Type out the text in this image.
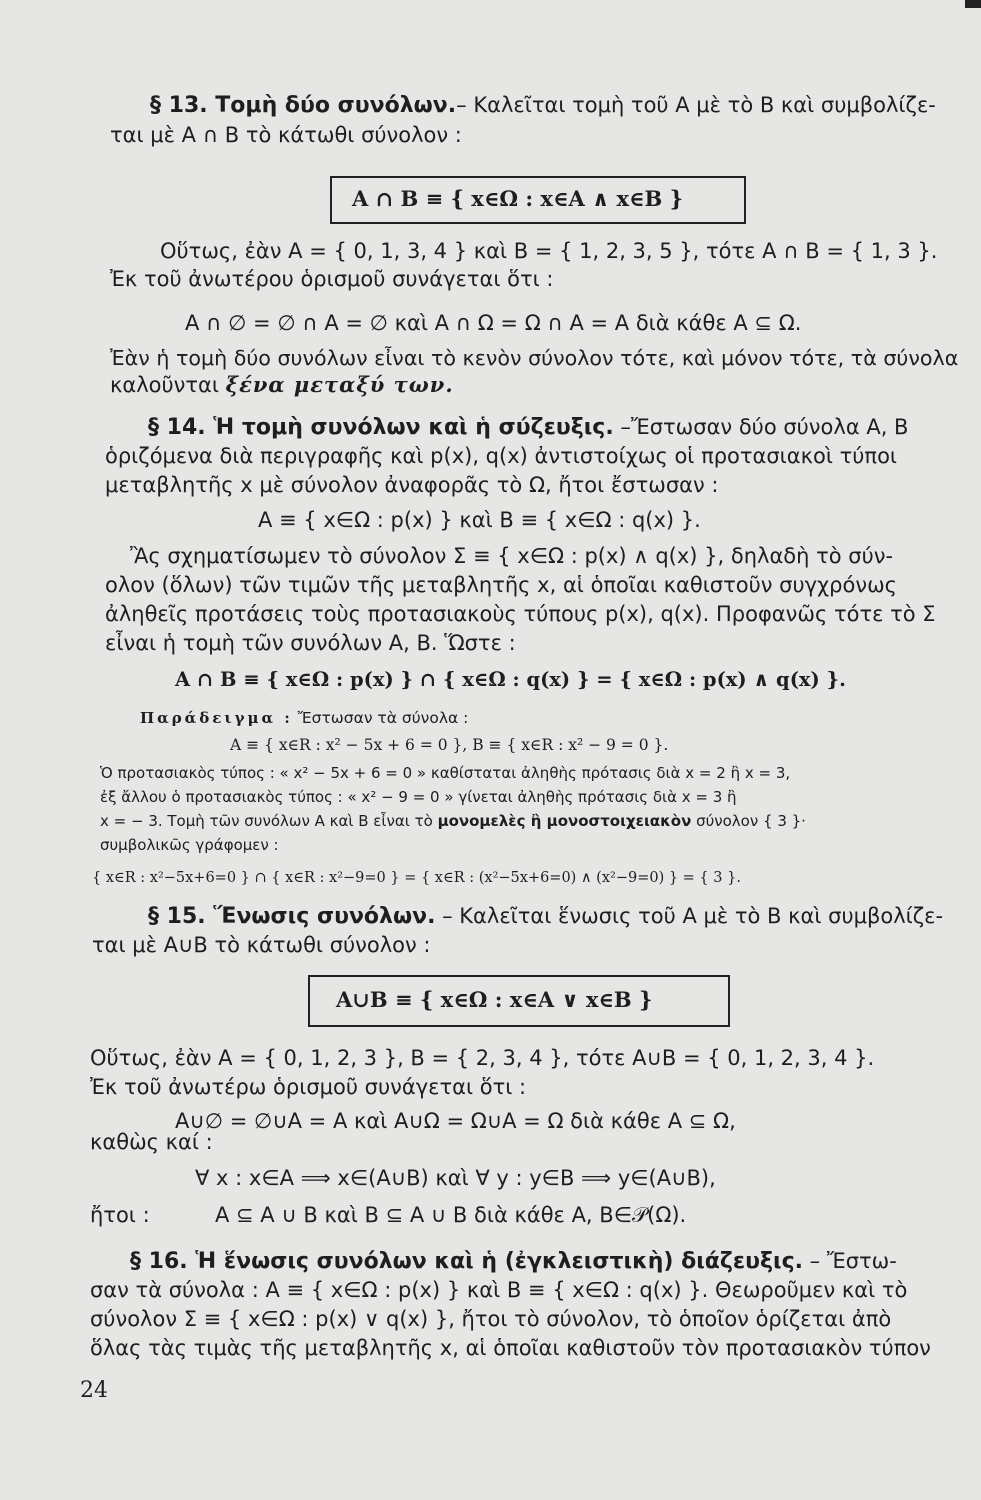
§ 13. Τομὴ δύο συνόλων.– Καλεῖται τομὴ τοῦ Α μὲ τὸ Β καὶ συμβολίζε-
ται μὲ Α ∩ Β τὸ κάτωθι σύνολον :
Α ∩ Β ≡ { x∈Ω : x∈A ∧ x∈B }
Οὕτως, ἐὰν Α = { 0, 1, 3, 4 } καὶ Β = { 1, 2, 3, 5 }, τότε Α ∩ Β = { 1, 3 }.
Ἐκ τοῦ ἀνωτέρου ὁρισμοῦ συνάγεται ὅτι :
Α ∩ ∅ = ∅ ∩ Α = ∅ καὶ Α ∩ Ω = Ω ∩ Α = Α διὰ κάθε Α ⊆ Ω.
Ἐὰν ἡ τομὴ δύο συνόλων εἶναι τὸ κενὸν σύνολον τότε, καὶ μόνον τότε, τὰ σύνολα
καλοῦνται ξένα μεταξύ των.
§ 14. Ἡ τομὴ συνόλων καὶ ἡ σύζευξις. –Ἔστωσαν δύο σύνολα Α, Β
ὁριζόμενα διὰ περιγραφῆς καὶ p(x), q(x) ἀντιστοίχως οἱ προτασιακοὶ τύποι
μεταβλητῆς x μὲ σύνολον ἀναφορᾶς τὸ Ω, ἤτοι ἔστωσαν :
Α ≡ { x∈Ω : p(x) } καὶ Β ≡ { x∈Ω : q(x) }.
Ἂς σχηματίσωμεν τὸ σύνολον Σ ≡ { x∈Ω : p(x) ∧ q(x) }, δηλαδὴ τὸ σύν-
ολον (ὅλων) τῶν τιμῶν τῆς μεταβλητῆς x, αἱ ὁποῖαι καθιστοῦν συγχρόνως
ἀληθεῖς προτάσεις τοὺς προτασιακοὺς τύπους p(x), q(x). Προφανῶς τότε τὸ Σ
εἶναι ἡ τομὴ τῶν συνόλων Α, Β. Ὥστε :
Α ∩ Β ≡ { x∈Ω : p(x) } ∩ { x∈Ω : q(x) } = { x∈Ω : p(x) ∧ q(x) }.
Παράδειγμα : Ἔστωσαν τὰ σύνολα :
Α ≡ { x∈R : x² − 5x + 6 = 0 }, Β ≡ { x∈R : x² − 9 = 0 }.
Ὁ προτασιακὸς τύπος : « x² − 5x + 6 = 0 » καθίσταται ἀληθὴς πρότασις διὰ x = 2 ἢ x = 3,
ἐξ ἄλλου ὁ προτασιακὸς τύπος : « x² − 9 = 0 » γίνεται ἀληθὴς πρότασις διὰ x = 3 ἢ
x = − 3. Τομὴ τῶν συνόλων Α καὶ Β εἶναι τὸ μονομελὲς ἢ μονοστοιχειακὸν σύνολον { 3 }·
συμβολικῶς γράφομεν :
{ x∈R : x²−5x+6=0 } ∩ { x∈R : x²−9=0 } = { x∈R : (x²−5x+6=0) ∧ (x²−9=0) } = { 3 }.
§ 15. Ἕνωσις συνόλων. – Καλεῖται ἕνωσις τοῦ Α μὲ τὸ Β καὶ συμβολίζε-
ται μὲ Α∪Β τὸ κάτωθι σύνολον :
Α∪Β ≡ { x∈Ω : x∈A ∨ x∈B }
Οὕτως, ἐὰν Α = { 0, 1, 2, 3 }, Β = { 2, 3, 4 }, τότε Α∪Β = { 0, 1, 2, 3, 4 }.
Ἐκ τοῦ ἀνωτέρω ὁρισμοῦ συνάγεται ὅτι :
Α∪∅ = ∅∪Α = Α καὶ Α∪Ω = Ω∪Α = Ω διὰ κάθε Α ⊆ Ω,
καθὼς καί :
∀ x : x∈Α ⟹ x∈(Α∪Β) καὶ ∀ y : y∈Β ⟹ y∈(Α∪Β),
ἤτοι :	Α ⊆ Α ∪ Β καὶ Β ⊆ Α ∪ Β διὰ κάθε Α, Β∈𝒫(Ω).
§ 16. Ἡ ἕνωσις συνόλων καὶ ἡ (ἐγκλειστικὴ) διάζευξις. – Ἔστω-
σαν τὰ σύνολα : Α ≡ { x∈Ω : p(x) } καὶ Β ≡ { x∈Ω : q(x) }. Θεωροῦμεν καὶ τὸ
σύνολον Σ ≡ { x∈Ω : p(x) ∨ q(x) }, ἤτοι τὸ σύνολον, τὸ ὁποῖον ὁρίζεται ἀπὸ
ὅλας τὰς τιμὰς τῆς μεταβλητῆς x, αἱ ὁποῖαι καθιστοῦν τὸν προτασιακὸν τύπον
24
